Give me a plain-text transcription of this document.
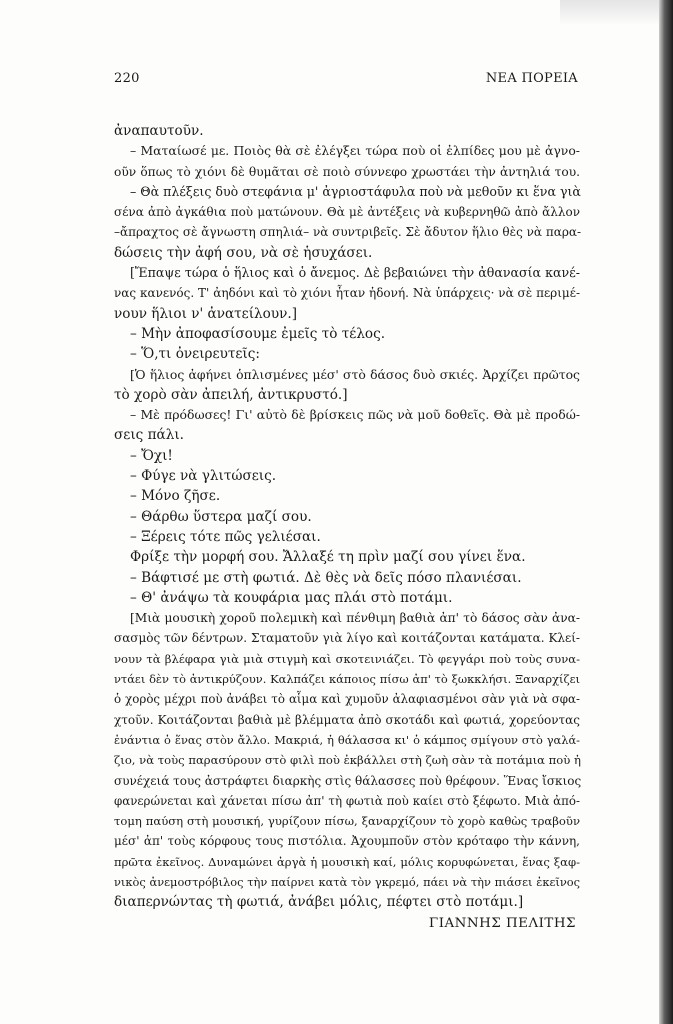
220	ΝΕΑ ΠΟΡΕΙΑ
ἀναπαυτοῦν.
– Ματαίωσέ με. Ποιὸς θὰ σὲ ἐλέγξει τώρα ποὺ οἱ ἐλπίδες μου μὲ ἀγνο-
οῦν ὅπως τὸ χιόνι δὲ θυμᾶται σὲ ποιὸ σύννεφο χρωστάει τὴν ἀντηλιά του.
– Θὰ πλέξεις δυὸ στεφάνια μ' ἀγριοστάφυλα ποὺ νὰ μεθοῦν κι ἕνα γιὰ
σένα ἀπὸ ἀγκάθια ποὺ ματώνουν. Θὰ μὲ ἀντέξεις νὰ κυβερνηθῶ ἀπὸ ἄλλον
–ἄπραχτος σὲ ἄγνωστη σπηλιά– νὰ συντριβεῖς. Σὲ ἄδυτον ἥλιο θὲς νὰ παρα-
δώσεις τὴν ἀφή σου, νὰ σὲ ἡσυχάσει.
[Ἔπαψε τώρα ὁ ἥλιος καὶ ὁ ἄνεμος. Δὲ βεβαιώνει τὴν ἀθανασία κανέ-
νας κανενός. Τ' ἀηδόνι καὶ τὸ χιόνι ἦταν ἡδονή. Νὰ ὑπάρχεις· νὰ σὲ περιμέ-
νουν ἥλιοι ν' ἀνατείλουν.]
– Μὴν ἀποφασίσουμε ἐμεῖς τὸ τέλος.
– Ὅ,τι ὀνειρευτεῖς:
[Ὁ ἥλιος ἀφήνει ὁπλισμένες μέσ' στὸ δάσος δυὸ σκιές. Ἀρχίζει πρῶτος
τὸ χορὸ σὰν ἀπειλή, ἀντικρυστό.]
– Μὲ πρόδωσες! Γι' αὐτὸ δὲ βρίσκεις πῶς νὰ μοῦ δοθεῖς. Θὰ μὲ προδώ-
σεις πάλι.
– Ὄχι!
– Φύγε νὰ γλιτώσεις.
– Μόνο ζῆσε.
– Θάρθω ὕστερα μαζί σου.
– Ξέρεις τότε πῶς γελιέσαι.
Φρίξε τὴν μορφή σου. Ἄλλαξέ τη πρὶν μαζί σου γίνει ἕνα.
– Βάφτισέ με στὴ φωτιά. Δὲ θὲς νὰ δεῖς πόσο πλανιέσαι.
– Θ' ἀνάψω τὰ κουφάρια μας πλάι στὸ ποτάμι.
[Μιὰ μουσικὴ χοροῦ πολεμικὴ καὶ πένθιμη βαθιὰ ἀπ' τὸ δάσος σὰν ἀνα-
σασμὸς τῶν δέντρων. Σταματοῦν γιὰ λίγο καὶ κοιτάζονται κατάματα. Κλεί-
νουν τὰ βλέφαρα γιὰ μιὰ στιγμὴ καὶ σκοτεινιάζει. Τὸ φεγγάρι ποὺ τοὺς συνα-
ντάει δὲν τὸ ἀντικρύζουν. Καλπάζει κάποιος πίσω ἀπ' τὸ ξωκκλήσι. Ξαναρχίζει
ὁ χορὸς μέχρι ποὺ ἀνάβει τὸ αἷμα καὶ χυμοῦν ἀλαφιασμένοι σὰν γιὰ νὰ σφα-
χτοῦν. Κοιτάζονται βαθιὰ μὲ βλέμματα ἀπὸ σκοτάδι καὶ φωτιά, χορεύοντας
ἐνάντια ὁ ἕνας στὸν ἄλλο. Μακριά, ἡ θάλασσα κι' ὁ κάμπος σμίγουν στὸ γαλά-
ζιο, νὰ τοὺς παρασύρουν στὸ φιλὶ ποὺ ἐκβάλλει στὴ ζωὴ σὰν τὰ ποτάμια ποὺ ἡ
συνέχειά τους ἀστράφτει διαρκὴς στὶς θάλασσες ποὺ θρέφουν. Ἕνας ἴσκιος
φανερώνεται καὶ χάνεται πίσω ἀπ' τὴ φωτιὰ ποὺ καίει στὸ ξέφωτο. Μιὰ ἀπό-
τομη παύση στὴ μουσική, γυρίζουν πίσω, ξαναρχίζουν τὸ χορὸ καθὼς τραβοῦν
μέσ' ἀπ' τοὺς κόρφους τους πιστόλια. Ἀχουμποῦν στὸν κρόταφο τὴν κάννη,
πρῶτα ἐκεῖνος. Δυναμώνει ἀργὰ ἡ μουσικὴ καί, μόλις κορυφώνεται, ἕνας ξαφ-
νικὸς ἀνεμοστρόβιλος τὴν παίρνει κατὰ τὸν γκρεμό, πάει νὰ τὴν πιάσει ἐκεῖνος
διαπερνώντας τὴ φωτιά, ἀνάβει μόλις, πέφτει στὸ ποτάμι.]
ΓΙΑΝΝΗΣ ΠΕΛΙΤΗΣ
